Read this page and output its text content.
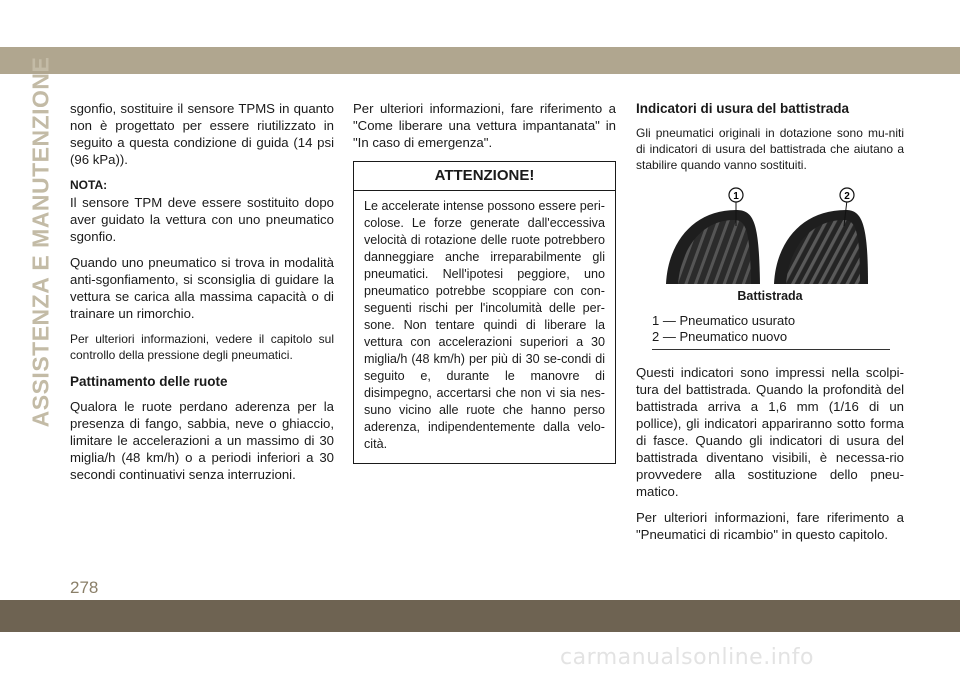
ASSISTENZA E MANUTENZIONE sgonfio, sostituire il sensore TPMS in quanto non è progettato per essere riutilizzato in seguito a questa condizione di guida (14 psi (96 kPa)).

NOTA:

Il sensore TPM deve essere sostituito dopo aver guidato la vettura con uno pneumatico sgonfio.

Quando uno pneumatico si trova in modalità anti-sgonfiamento, si sconsiglia di guidare la vettura se carica alla massima capacità o di trainare un rimorchio.

Per ulteriori informazioni, vedere il capitolo sul controllo della pressione degli pneumatici.

Pattinamento delle ruote

Qualora le ruote perdano aderenza per la presenza di fango, sabbia, neve o ghiaccio, limitare le accelerazioni a un massimo di 30 miglia/h (48 km/h) o a periodi inferiori a 30 secondi continuativi senza interruzioni.

Per ulteriori informazioni, fare riferimento a "Come liberare una vettura impantanata" in "In caso di emergenza".

ATTENZIONE!

Le accelerate intense possono essere peri-colose. Le forze generate dall'eccessiva velocità di rotazione delle ruote potrebbero danneggiare anche irreparabilmente gli pneumatici. Nell'ipotesi peggiore, uno pneumatico potrebbe scoppiare con con-seguenti rischi per l'incolumità delle per-sone. Non tentare quindi di liberare la vettura con accelerazioni superiori a 30 miglia/h (48 km/h) per più di 30 se-condi di seguito e, durante le manovre di disimpegno, accertarsi che non vi sia nes-suno vicino alle ruote che hanno perso aderenza, indipendentemente dalla velo-cità.

Indicatori di usura del battistrada

Gli pneumatici originali in dotazione sono mu-niti di indicatori di usura del battistrada che aiutano a stabilire quando vanno sostituiti.

1	2
Battistrada
1 — Pneumatico usurato
2 — Pneumatico nuovo

Questi indicatori sono impressi nella scolpi-tura del battistrada. Quando la profondità del battistrada arriva a 1,6 mm (1/16 di un pollice), gli indicatori appariranno sotto forma di fasce. Quando gli indicatori di usura del battistrada diventano visibili, è necessa-rio provvedere alla sostituzione dello pneu-matico.

Per ulteriori informazioni, fare riferimento a "Pneumatici di ricambio" in questo capitolo.

278
carmanualsonline.info
